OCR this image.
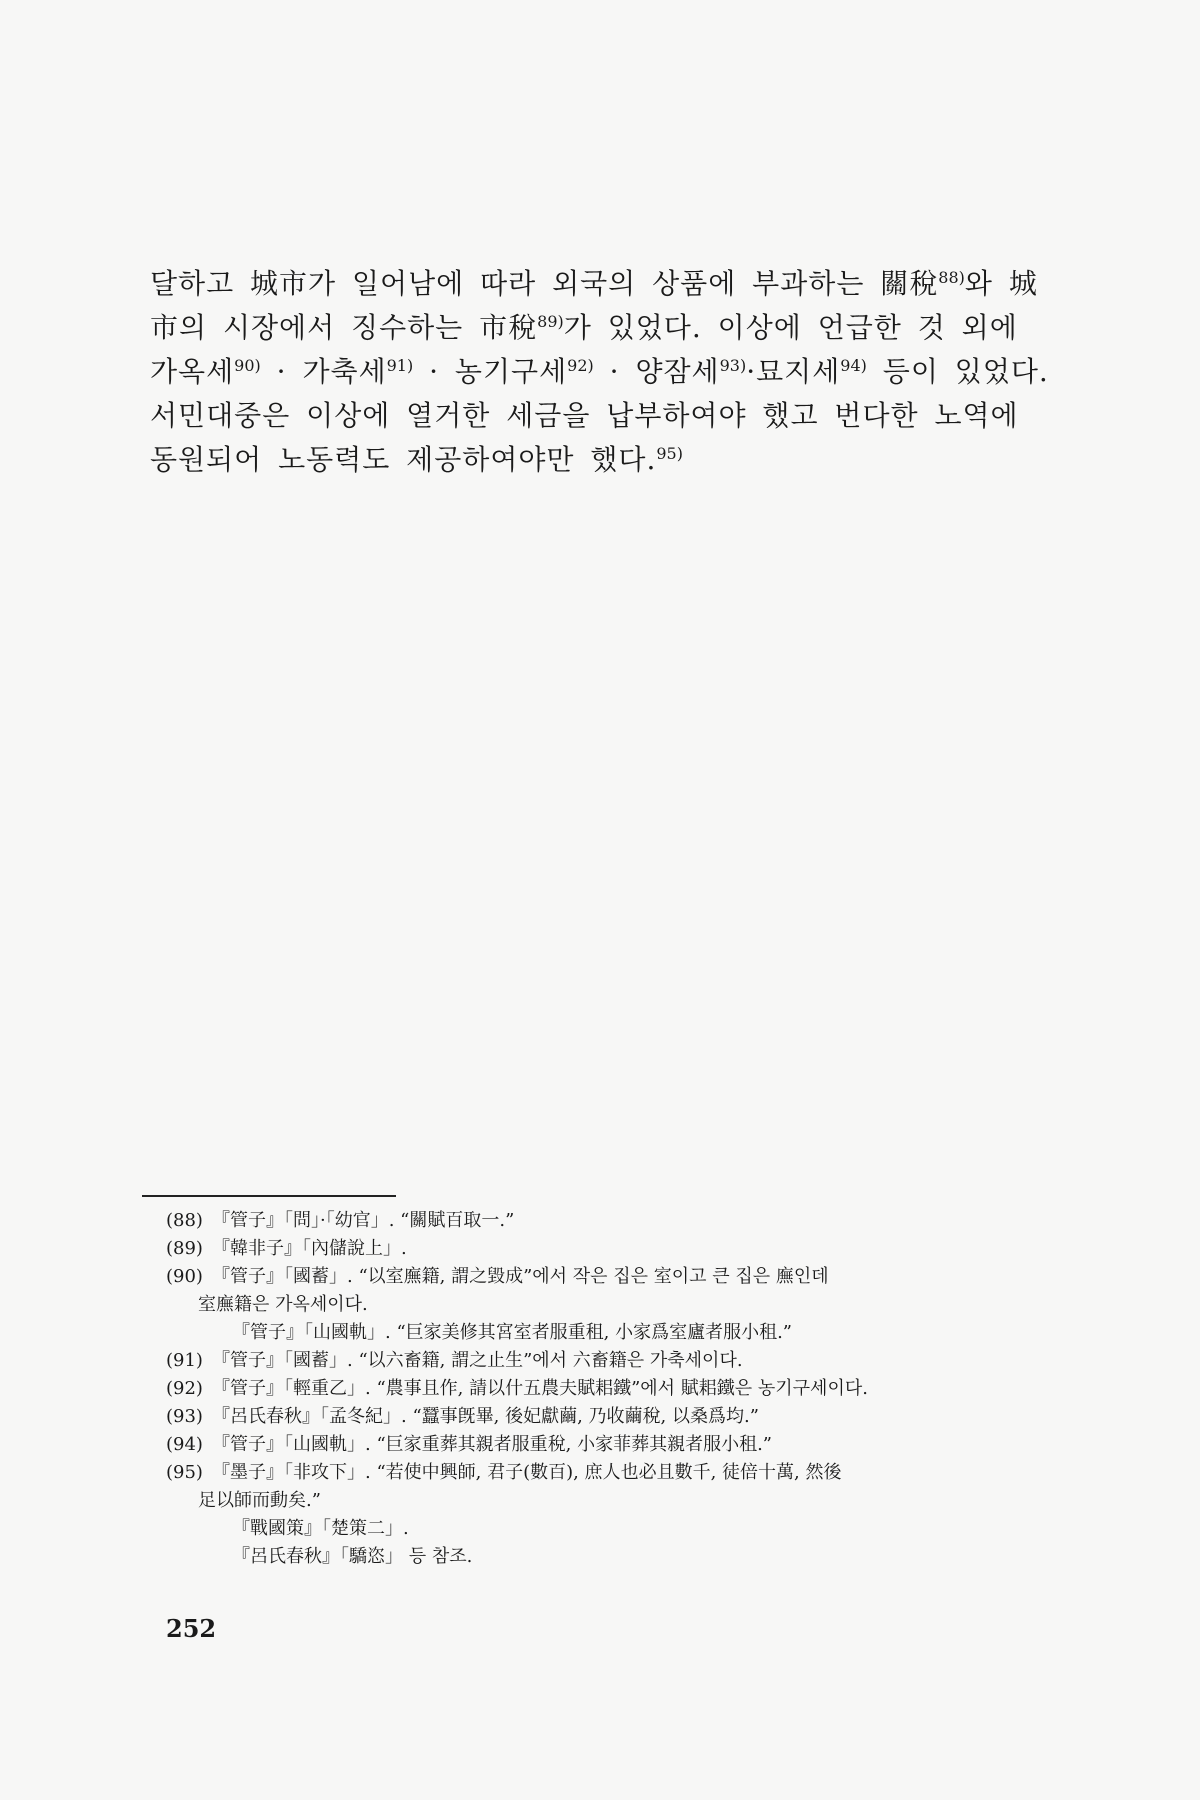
달하고 城市가 일어남에 따라 외국의 상품에 부과하는 關稅$^{88)}$와 城
市의 시장에서 징수하는 市稅$^{89)}$가 있었다. 이상에 언급한 것 외에
가옥세$^{90)}$ · 가축세$^{91)}$ · 농기구세$^{92)}$ · 양잠세$^{93)}$·묘지세$^{94)}$ 등이 있었다.
서민대중은 이상에 열거한 세금을 납부하여야 했고 번다한 노역에
동원되어 노동력도 제공하여야만 했다.$^{95)}$
(88) 『管子』「問」·「幼官」. “關賦百取一.”
(89) 『韓非子』「內儲說上」.
(90) 『管子』「國蓄」. “以室廡籍, 謂之毀成”에서 작은 집은 室이고 큰 집은 廡인데
室廡籍은 가옥세이다.
『管子』「山國軌」. “巨家美修其宮室者服重租, 小家爲室廬者服小租.”
(91) 『管子』「國蓄」. “以六畜籍, 謂之止生”에서 六畜籍은 가축세이다.
(92) 『管子』「輕重乙」. “農事且作, 請以什五農夫賦耜鐵”에서 賦耜鐵은 농기구세이다.
(93) 『呂氏春秋』「孟冬紀」. “蠶事旣畢, 後妃獻繭, 乃收繭稅, 以桑爲均.”
(94) 『管子』「山國軌」. “巨家重葬其親者服重稅, 小家菲葬其親者服小租.”
(95) 『墨子』「非攻下」. “若使中興師, 君子(數百), 庶人也必且數千, 徒倍十萬, 然後
足以師而動矣.”
『戰國策』「楚策二」.
『呂氏春秋』「驕恣」 등 참조.
252
